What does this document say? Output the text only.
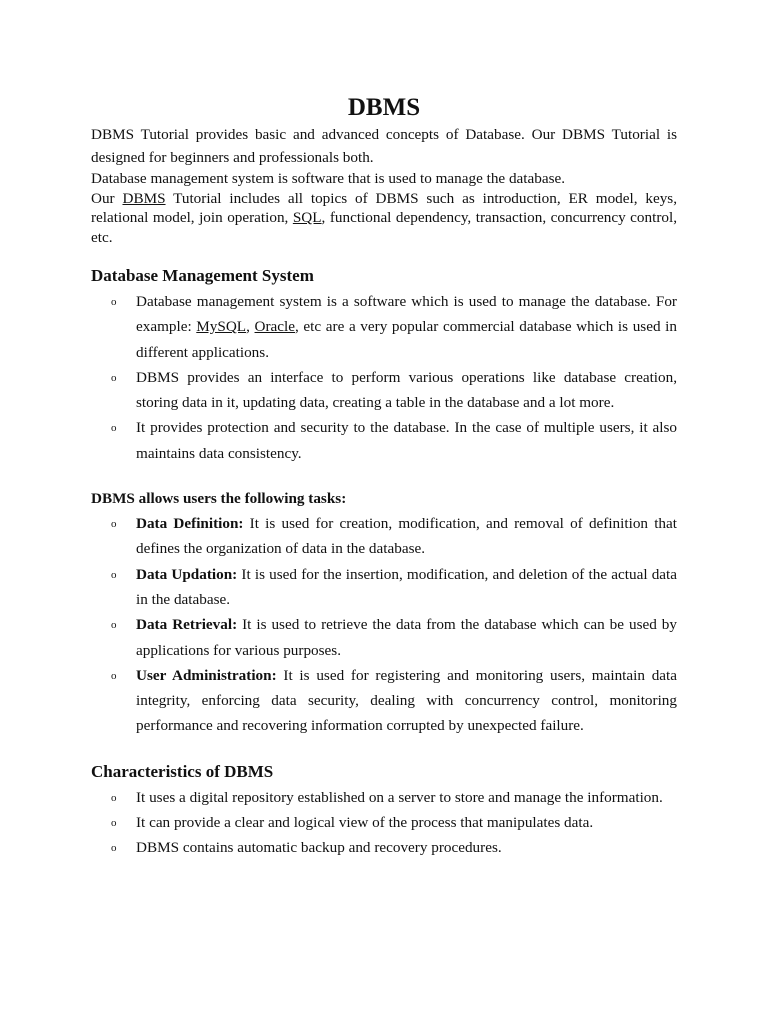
DBMS

DBMS Tutorial provides basic and advanced concepts of Database. Our DBMS Tutorial is designed for beginners and professionals both.

Database management system is software that is used to manage the database.

Our DBMS Tutorial includes all topics of DBMS such as introduction, ER model, keys, relational model, join operation, SQL, functional dependency, transaction, concurrency control, etc.

Database Management System
o Database management system is a software which is used to manage the database. For example: MySQL, Oracle, etc are a very popular commercial database which is used in different applications.
o DBMS provides an interface to perform various operations like database creation, storing data in it, updating data, creating a table in the database and a lot more.
o It provides protection and security to the database. In the case of multiple users, it also maintains data consistency.

DBMS allows users the following tasks:

o Data Definition: It is used for creation, modification, and removal of definition that defines the organization of data in the database.
o Data Updation: It is used for the insertion, modification, and deletion of the actual data in the database.
o Data Retrieval: It is used to retrieve the data from the database which can be used by applications for various purposes.
o User Administration: It is used for registering and monitoring users, maintain data integrity, enforcing data security, dealing with concurrency control, monitoring performance and recovering information corrupted by unexpected failure.
Characteristics of DBMS
o It uses a digital repository established on a server to store and manage the information.
o It can provide a clear and logical view of the process that manipulates data.
o DBMS contains automatic backup and recovery procedures.
